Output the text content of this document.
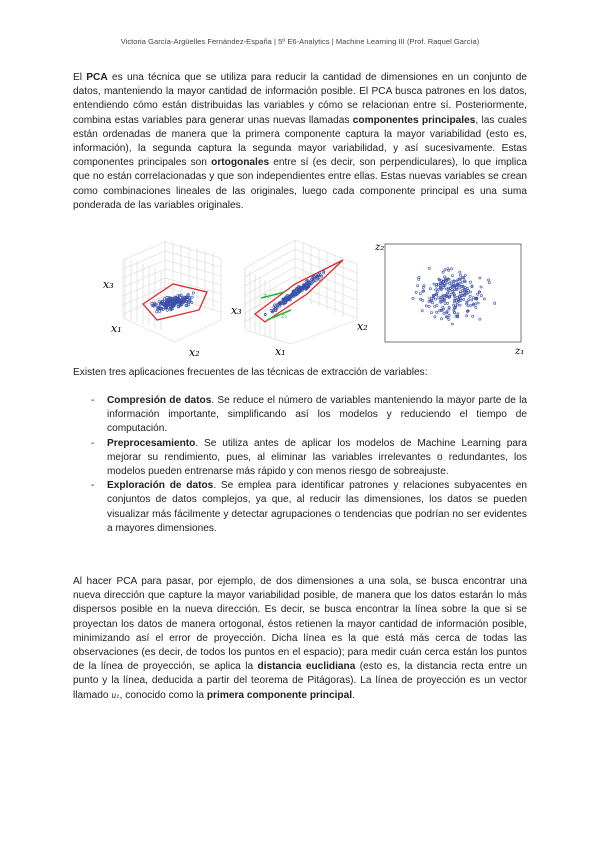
Victoria García-Argüelles Fernández-España | 5º E6-Analytics | Machine Learning III (Prof. Raquel García)

El PCA es una técnica que se utiliza para reducir la cantidad de dimensiones en un conjunto de datos, manteniendo la mayor cantidad de información posible. El PCA busca patrones en los datos, entendiendo cómo están distribuidas las variables y cómo se relacionan entre sí. Posteriormente, combina estas variables para generar unas nuevas llamadas componentes principales, las cuales están ordenadas de manera que la primera componente captura la mayor variabilidad (esto es, información), la segunda captura la segunda mayor variabilidad, y así sucesivamente. Estas componentes principales son ortogonales entre sí (es decir, son perpendiculares), lo que implica que no están correlacionadas y que son independientes entre ellas. Estas nuevas variables se crean como combinaciones lineales de las originales, luego cada componente principal es una suma ponderada de las variables originales.

x₃
x₁
x₂
z₁
z₂
x₃
x₂
x₁
z₂
z₁

Existen tres aplicaciones frecuentes de las técnicas de extracción de variables:

- Compresión de datos. Se reduce el número de variables manteniendo la mayor parte de la información importante, simplificando así los modelos y reduciendo el tiempo de computación.
- Preprocesamiento. Se utiliza antes de aplicar los modelos de Machine Learning para mejorar su rendimiento, pues, al eliminar las variables irrelevantes o redundantes, los modelos pueden entrenarse más rápido y con menos riesgo de sobreajuste.
- Exploración de datos. Se emplea para identificar patrones y relaciones subyacentes en conjuntos de datos complejos, ya que, al reducir las dimensiones, los datos se pueden visualizar más fácilmente y detectar agrupaciones o tendencias que podrían no ser evidentes a mayores dimensiones.

Al hacer PCA para pasar, por ejemplo, de dos dimensiones a una sola, se busca encontrar una nueva dirección que capture la mayor variabilidad posible, de manera que los datos estarán lo más dispersos posible en la nueva dirección. Es decir, se busca encontrar la línea sobre la que si se proyectan los datos de manera ortogonal, éstos retienen la mayor cantidad de información posible, minimizando así el error de proyección. Dicha línea es la que está más cerca de todas las observaciones (es decir, de todos los puntos en el espacio); para medir cuán cerca están los puntos de la línea de proyección, se aplica la distancia euclidiana (esto es, la distancia recta entre un punto y la línea, deducida a partir del teorema de Pitágoras). La línea de proyección es un vector llamado u₁, conocido como la primera componente principal.
